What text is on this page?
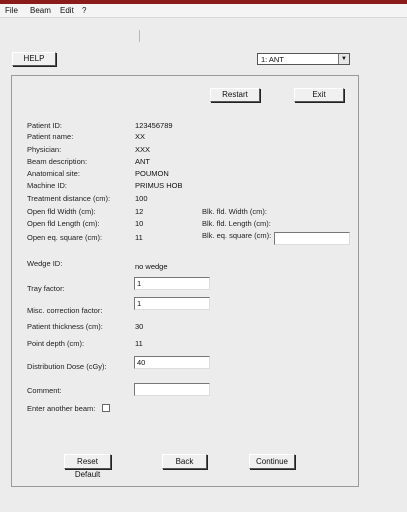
File Beam Edit ?
HELP	1: ANT	▼
Restart	Exit
Patient ID:	123456789
Patient name:	XX
Physician:	XXX
Beam description:	ANT
Anatomical site:	POUMON
Machine ID:	PRIMUS HOB
Treatment distance (cm):	100
Open fld Width (cm):	12
Open fld Length (cm):	10
Open eq. square (cm):	11
Blk. fld. Width (cm):
Blk. fld. Length (cm):
Blk. eq. square (cm):
Wedge ID:	no wedge
Tray factor:
1
Misc. correction factor:
1
Patient thickness (cm):	30
Point depth (cm):	11
Distribution Dose (cGy):	40
Comment:
Enter another beam:
Reset Default
Back	Continue
